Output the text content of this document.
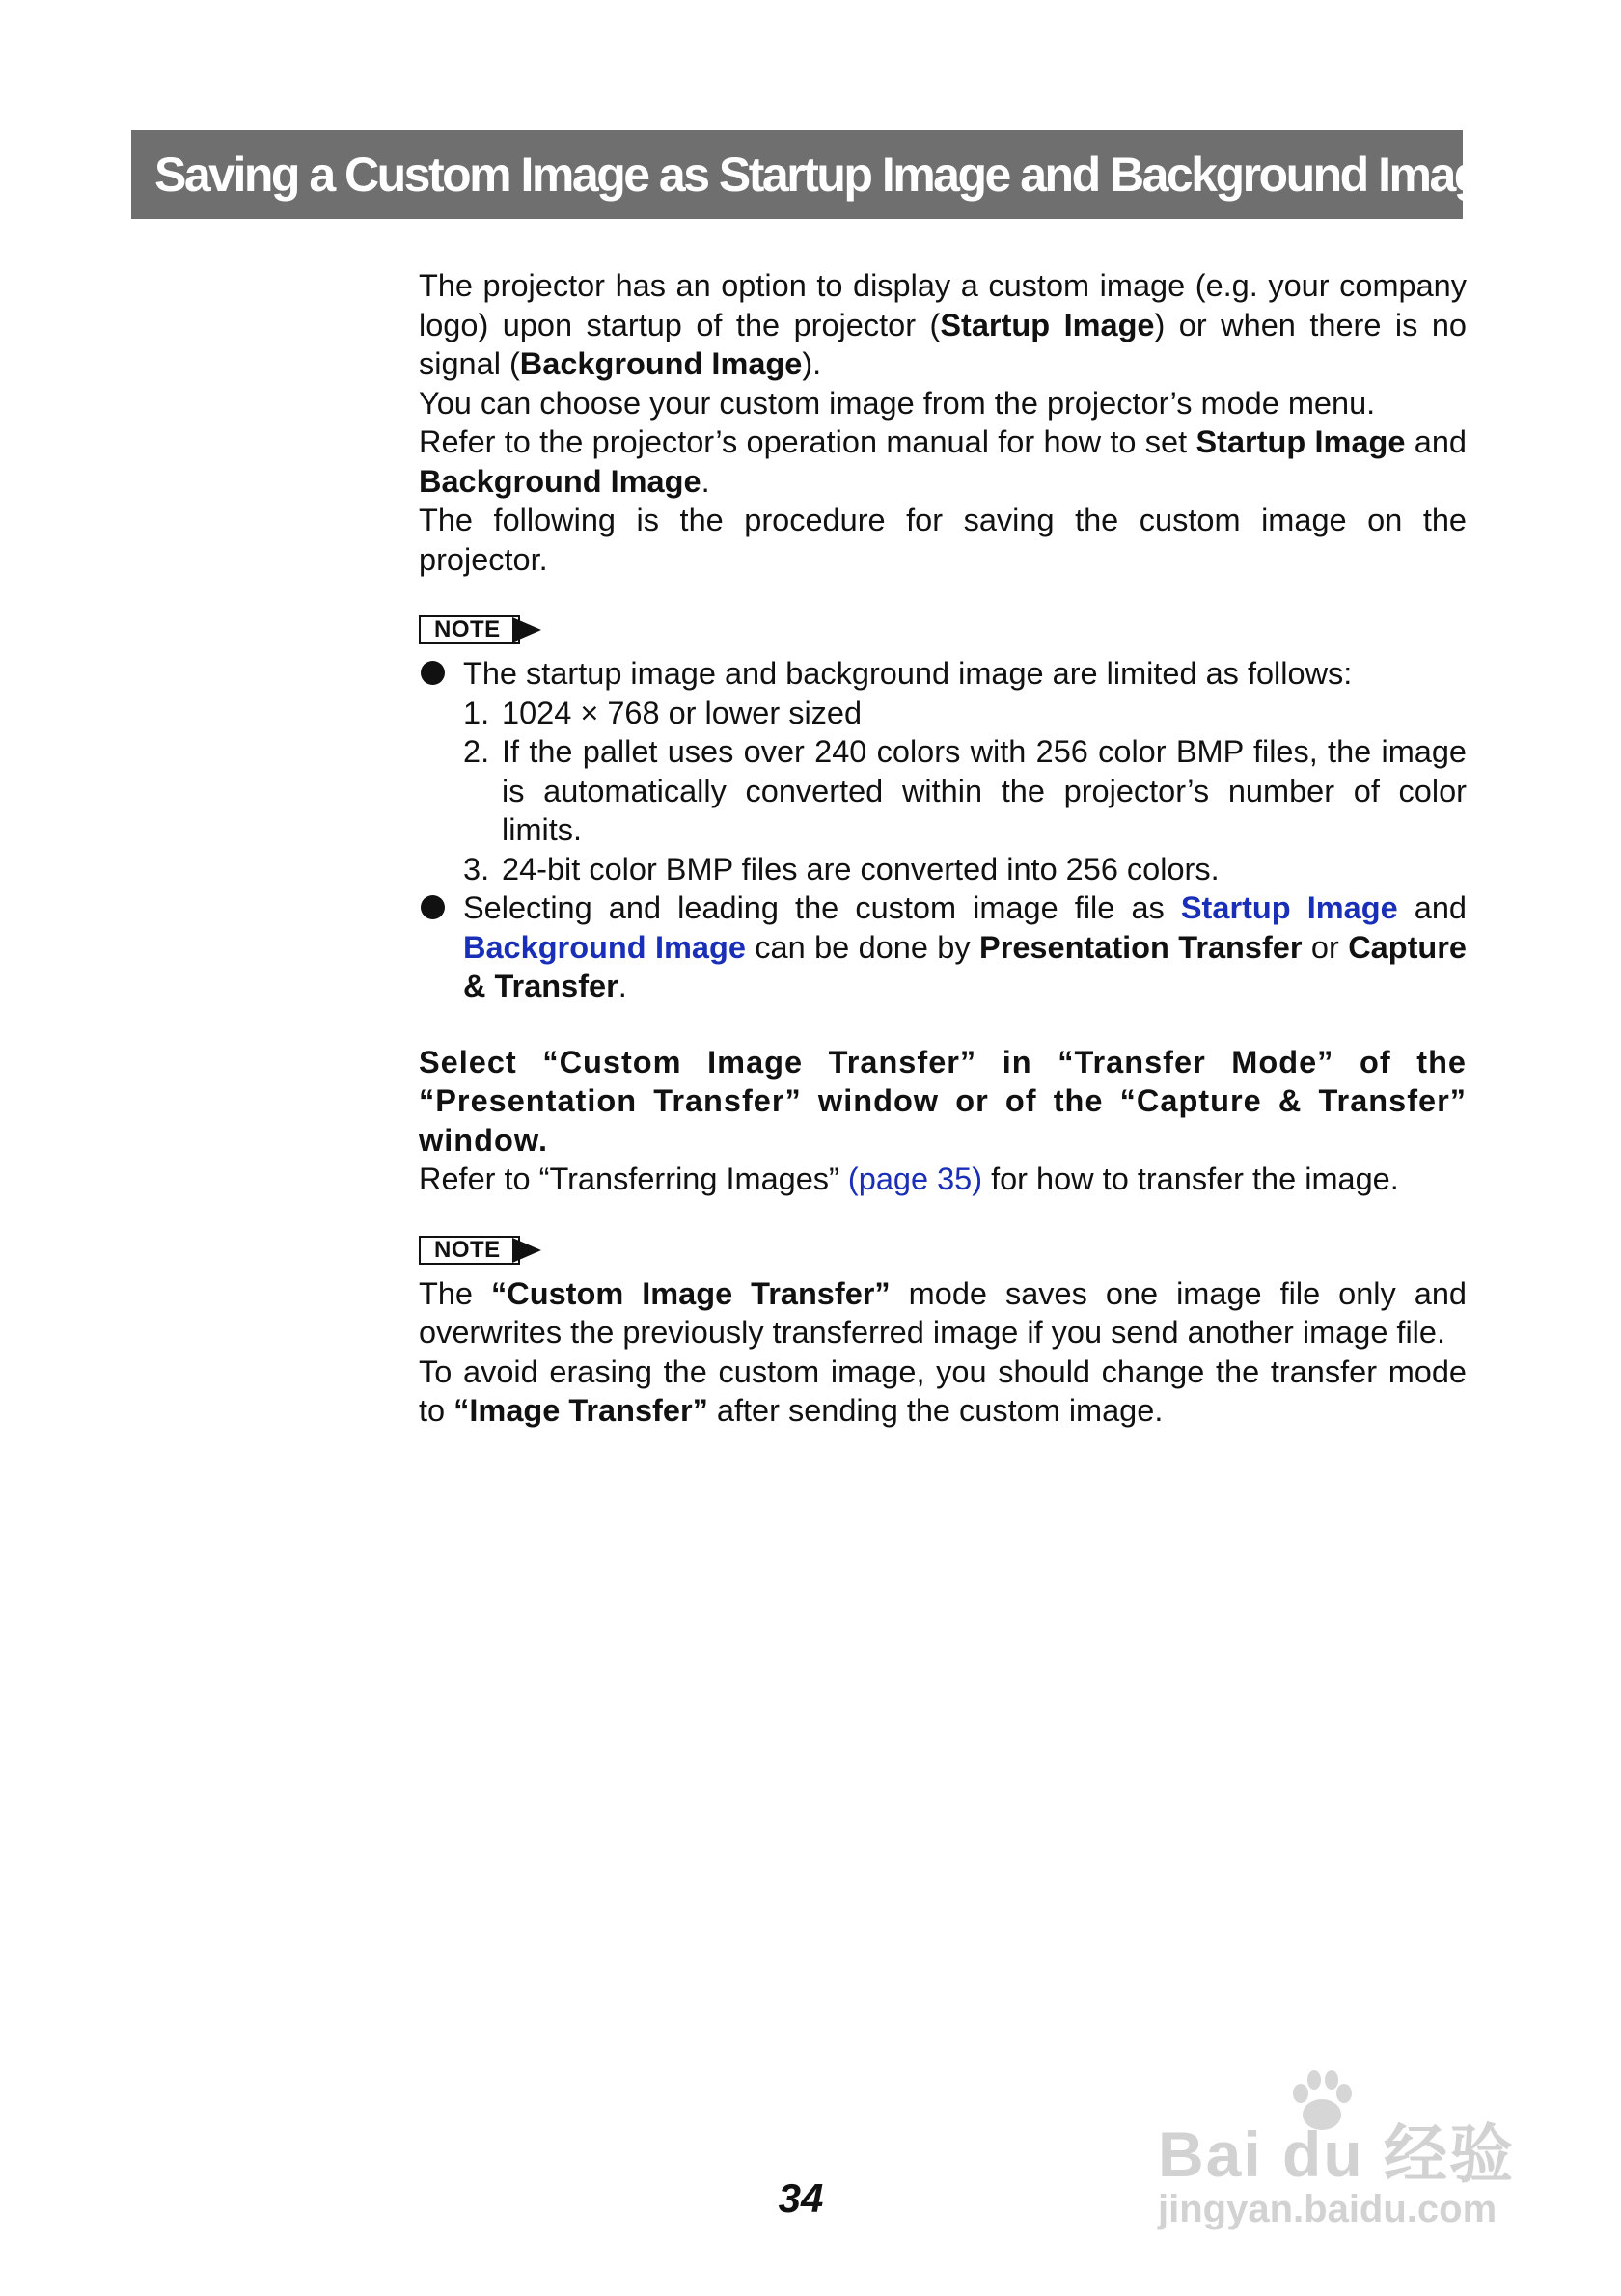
Saving a Custom Image as Startup Image and Background Image

The projector has an option to display a custom image (e.g. your company logo) upon startup of the projector (Startup Image) or when there is no signal (Background Image).

You can choose your custom image from the projector’s mode menu.

Refer to the projector’s operation manual for how to set Startup Image and Background Image.

The following is the procedure for saving the custom image on the projector.

NOTE
The startup image and background image are limited as follows:
1. 1024 × 768 or lower sized
2. If the pallet uses over 240 colors with 256 color BMP files, the image is automatically converted within the projector’s number of color limits.
3. 24-bit color BMP files are converted into 256 colors.
Selecting and leading the custom image file as Startup Image and Background Image can be done by Presentation Transfer or Capture & Transfer.

Select “Custom Image Transfer” in “Transfer Mode” of the “Presentation Transfer” window or of the “Capture & Transfer” window.

Refer to “Transferring Images” (page 35) for how to transfer the image.

NOTE

The “Custom Image Transfer” mode saves one image file only and overwrites the previously transferred image if you send another image file.

To avoid erasing the custom image, you should change the transfer mode to “Image Transfer” after sending the custom image.

34
Bai du 经验
jingyan.baidu.com
